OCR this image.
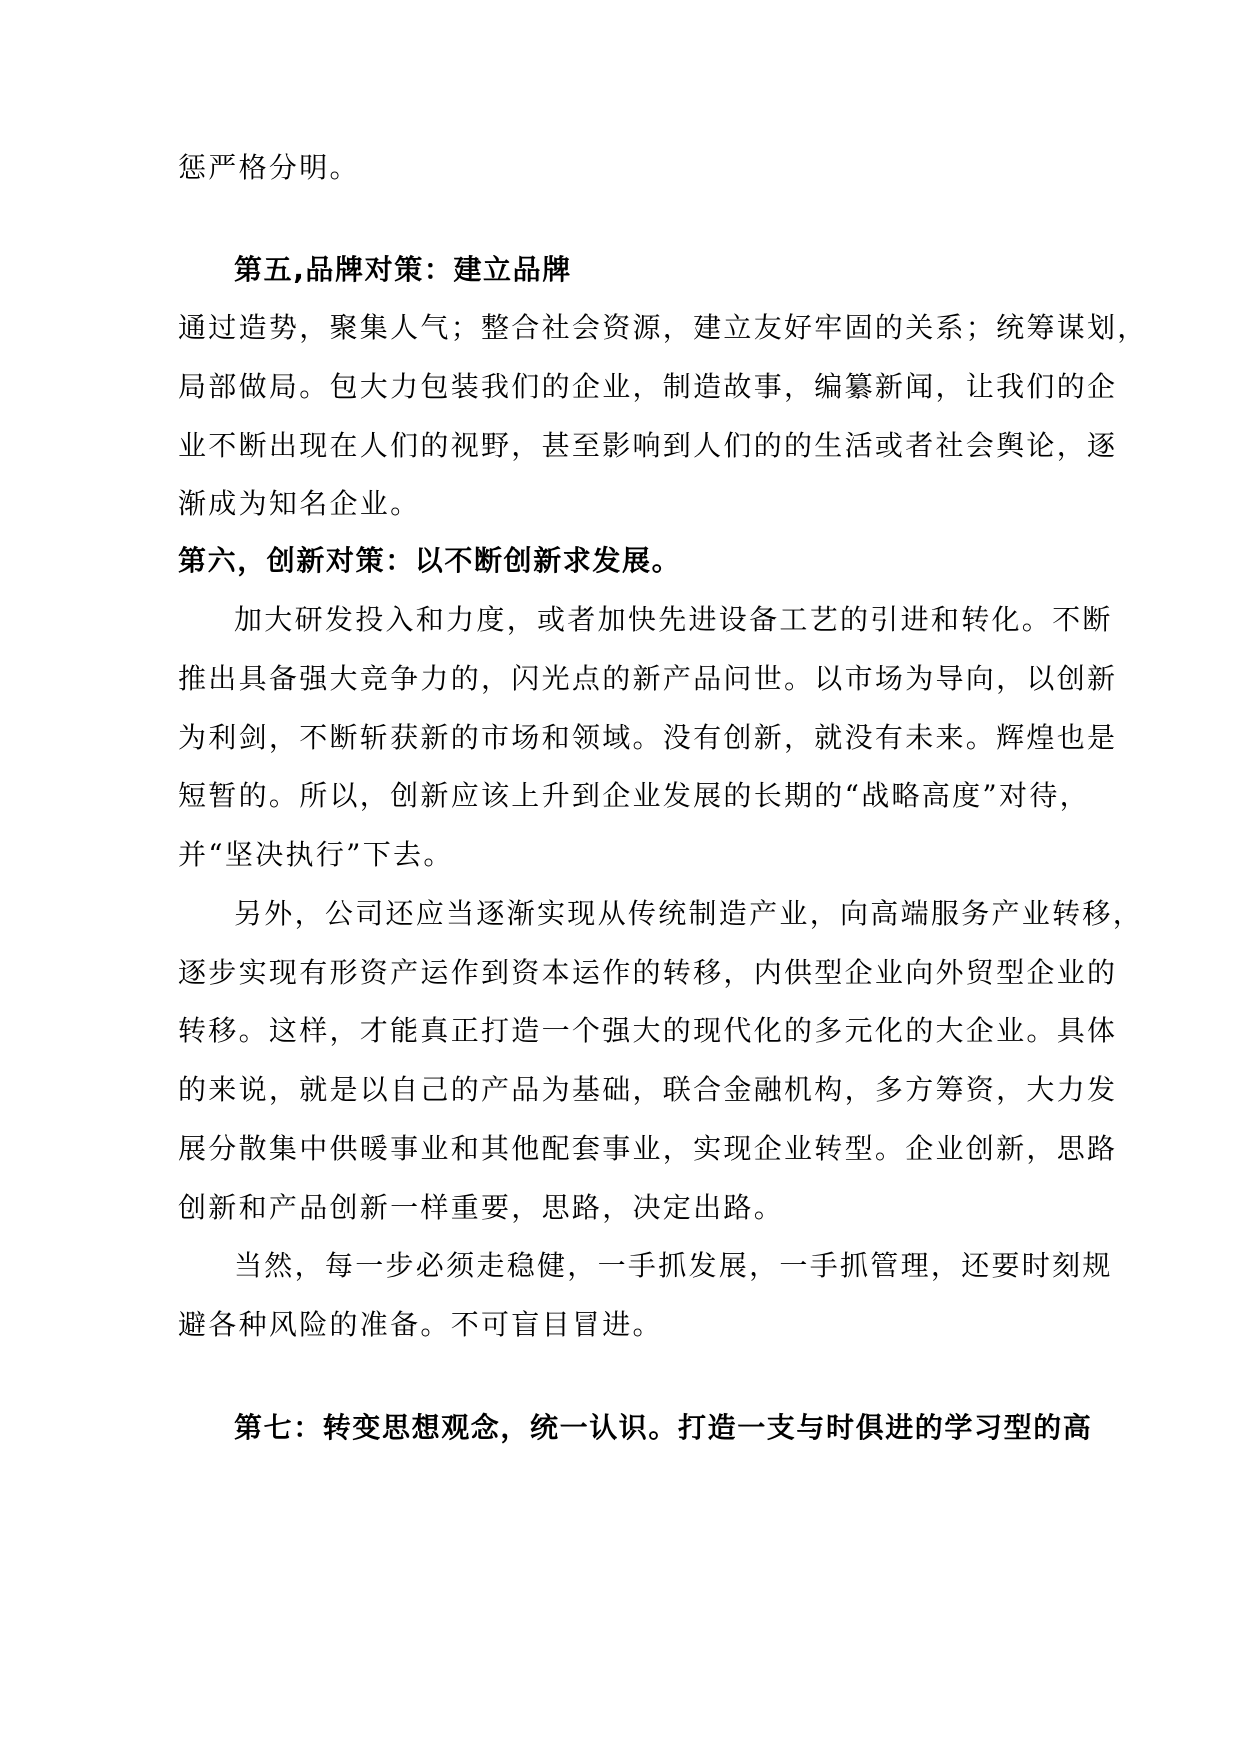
惩严格分明。
第五,品牌对策：建立品牌
通过造势，聚集人气；整合社会资源，建立友好牢固的关系；统筹谋划，
局部做局。包大力包装我们的企业，制造故事，编纂新闻，让我们的企
业不断出现在人们的视野，甚至影响到人们的的生活或者社会舆论，逐
渐成为知名企业。
第六，创新对策：以不断创新求发展。
加大研发投入和力度，或者加快先进设备工艺的引进和转化。不断
推出具备强大竞争力的，闪光点的新产品问世。以市场为导向，以创新
为利剑，不断斩获新的市场和领域。没有创新，就没有未来。辉煌也是
短暂的。所以，创新应该上升到企业发展的长期的“战略高度”对待，
并“坚决执行”下去。
另外，公司还应当逐渐实现从传统制造产业，向高端服务产业转移，
逐步实现有形资产运作到资本运作的转移，内供型企业向外贸型企业的
转移。这样，才能真正打造一个强大的现代化的多元化的大企业。具体
的来说，就是以自己的产品为基础，联合金融机构，多方筹资，大力发
展分散集中供暖事业和其他配套事业，实现企业转型。企业创新，思路
创新和产品创新一样重要，思路，决定出路。
当然，每一步必须走稳健，一手抓发展，一手抓管理，还要时刻规
避各种风险的准备。不可盲目冒进。
第七：转变思想观念，统一认识。打造一支与时俱进的学习型的高
